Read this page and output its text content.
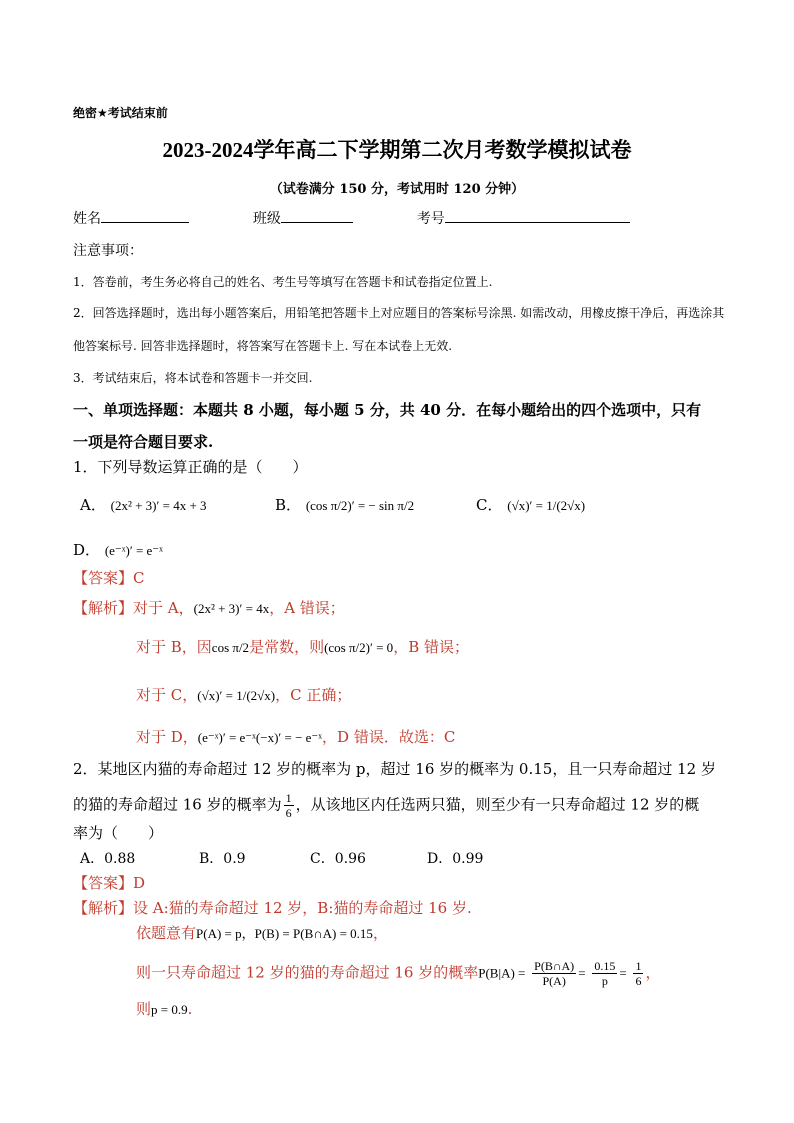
绝密★考试结束前
2023-2024学年高二下学期第二次月考数学模拟试卷
（试卷满分 150 分，考试用时 120 分钟）
姓名	班级	考号
注意事项：
1．答卷前，考生务必将自己的姓名、考生号等填写在答题卡和试卷指定位置上.
2．回答选择题时，选出每小题答案后，用铅笔把答题卡上对应题目的答案标号涂黑. 如需改动，用橡皮擦干净后，再选涂其
他答案标号. 回答非选择题时，将答案写在答题卡上. 写在本试卷上无效.
3．考试结束后，将本试卷和答题卡一并交回.
一、单项选择题：本题共 8 小题，每小题 5 分，共 40 分．在每小题给出的四个选项中，只有
一项是符合题目要求.
1．下列导数运算正确的是（　　）
A． (2x² + 3)′ = 4x + 3	B． (cos π/2)′ = − sin π/2	C． (√x)′ = 1/(2√x)
D． (e⁻ˣ)′ = e⁻ˣ
【答案】C
【解析】对于 A，(2x² + 3)′ = 4x，A 错误；
对于 B，因cos π/2是常数，则(cos π/2)′ = 0，B 错误；
对于 C，(√x)′ = 1/(2√x)，C 正确；
对于 D，(e⁻ˣ)′ = e⁻ˣ(−x)′ = − e⁻ˣ，D 错误．故选：C
2．某地区内猫的寿命超过 12 岁的概率为 p，超过 16 岁的概率为 0.15，且一只寿命超过 12 岁
的猫的寿命超过 16 岁的概率为 $\frac{1}{6}$ ，从该地区内任选两只猫，则至少有一只寿命超过 12 岁的概
率为（　　）
A．0.88	B．0.9	C．0.96	D．0.99
【答案】D
【解析】设 A:猫的寿命超过 12 岁，B:猫的寿命超过 16 岁.
依题意有P(A) = p，P(B) = P(B∩A) = 0.15，
则一只寿命超过 12 岁的猫的寿命超过 16 岁的概率$P(B|A) = \frac{P(B\cap A)}{P(A)} = \frac{0.15}{p} = \frac{1}{6}$ ，
则p = 0.9.
